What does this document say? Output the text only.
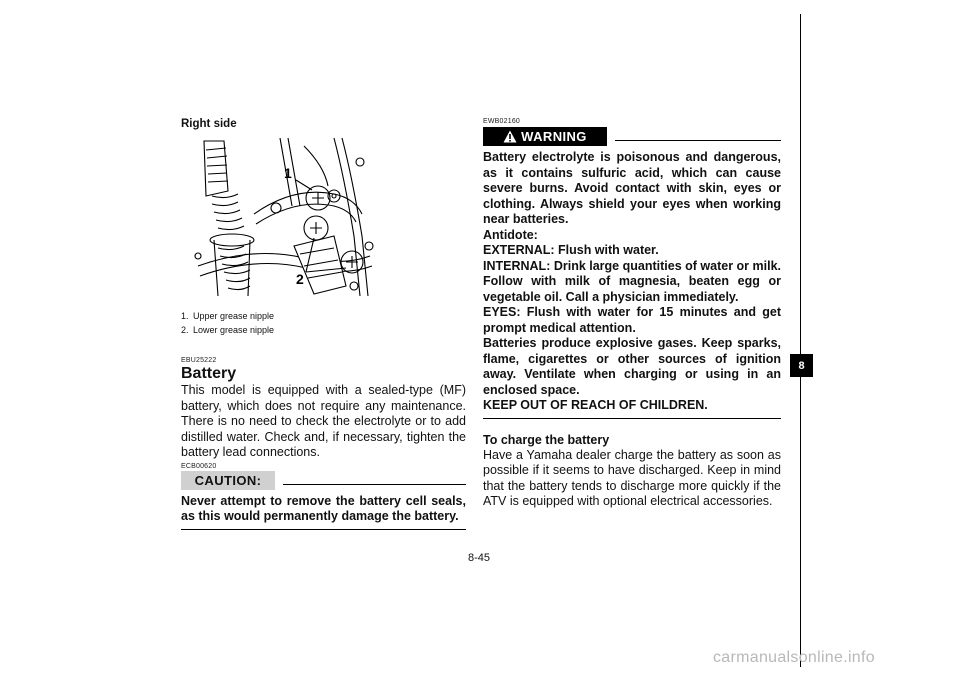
Right side
1
2
1. Upper grease nipple
2. Lower grease nipple
EBU25222
Battery

This model is equipped with a sealed-type (MF) battery, which does not require any maintenance. There is no need to check the electrolyte or to add distilled water. Check and, if necessary, tighten the battery lead connections.

ECB00620
CAUTION:

Never attempt to remove the battery cell seals, as this would permanently damage the battery.

EWB02160
WARNING

Battery electrolyte is poisonous and dangerous, as it contains sulfuric acid, which can cause severe burns. Avoid contact with skin, eyes or clothing. Always shield your eyes when working near batteries.

Antidote:

EXTERNAL: Flush with water.

INTERNAL: Drink large quantities of water or milk. Follow with milk of magnesia, beaten egg or vegetable oil. Call a physician immediately.

EYES: Flush with water for 15 minutes and get prompt medical attention.

Batteries produce explosive gases. Keep sparks, flame, cigarettes or other sources of ignition away. Ventilate when charging or using in an enclosed space.

KEEP OUT OF REACH OF CHILDREN.

To charge the battery

Have a Yamaha dealer charge the battery as soon as possible if it seems to have discharged. Keep in mind that the battery tends to discharge more quickly if the ATV is equipped with optional electrical accessories.

8
8-45
carmanualsonline.info
